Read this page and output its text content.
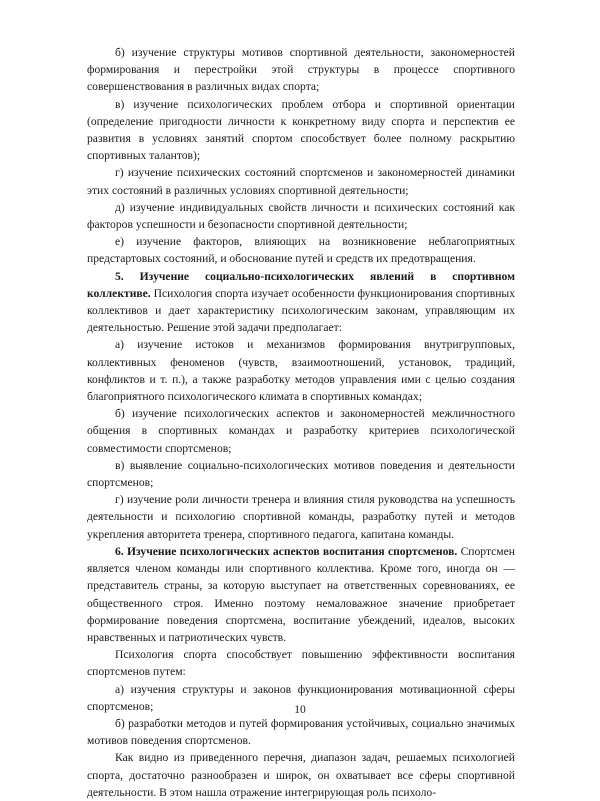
б) изучение структуры мотивов спортивной деятельности, закономерностей формирования и перестройки этой структуры в процессе спортивного совершенствования в различных видах спорта;

в) изучение психологических проблем отбора и спортивной ориентации (определение пригодности личности к конкретному виду спорта и перспектив ее развития в условиях занятий спортом способствует более полному раскрытию спортивных талантов);

г) изучение психических состояний спортсменов и закономерностей динамики этих состояний в различных условиях спортивной деятельности;

д) изучение индивидуальных свойств личности и психических состояний как факторов успешности и безопасности спортивной деятельности;

е) изучение факторов, влияющих на возникновение неблагоприятных предстартовых состояний, и обоснование путей и средств их предотвращения.

5. Изучение социально-психологических явлений в спортивном коллективе. Психология спорта изучает особенности функционирования спортивных коллективов и дает характеристику психологическим законам, управляющим их деятельностью. Решение этой задачи предполагает:

а) изучение истоков и механизмов формирования внутригрупповых, коллективных феноменов (чувств, взаимоотношений, установок, традиций, конфликтов и т. п.), а также разработку методов управления ими с целью создания благоприятного психологического климата в спортивных командах;

б) изучение психологических аспектов и закономерностей межличностного общения в спортивных командах и разработку критериев психологической совместимости спортсменов;

в) выявление социально-психологических мотивов поведения и деятельности спортсменов;

г) изучение роли личности тренера и влияния стиля руководства на успешность деятельности и психологию спортивной команды, разработку путей и методов укрепления авторитета тренера, спортивного педагога, капитана команды.

6. Изучение психологических аспектов воспитания спортсменов. Спортсмен является членом команды или спортивного коллектива. Кроме того, иногда он — представитель страны, за которую выступает на ответственных соревнованиях, ее общественного строя. Именно поэтому немаловажное значение приобретает формирование поведения спортсмена, воспитание убеждений, идеалов, высоких нравственных и патриотических чувств.

Психология спорта способствует повышению эффективности воспитания спортсменов путем:

а) изучения структуры и законов функционирования мотивационной сферы спортсменов;

б) разработки методов и путей формирования устойчивых, социально значимых мотивов поведения спортсменов.

Как видно из приведенного перечня, диапазон задач, решаемых психологией спорта, достаточно разнообразен и широк, он охватывает все сферы спортивной деятельности. В этом нашла отражение интегрирующая роль психоло-

10
